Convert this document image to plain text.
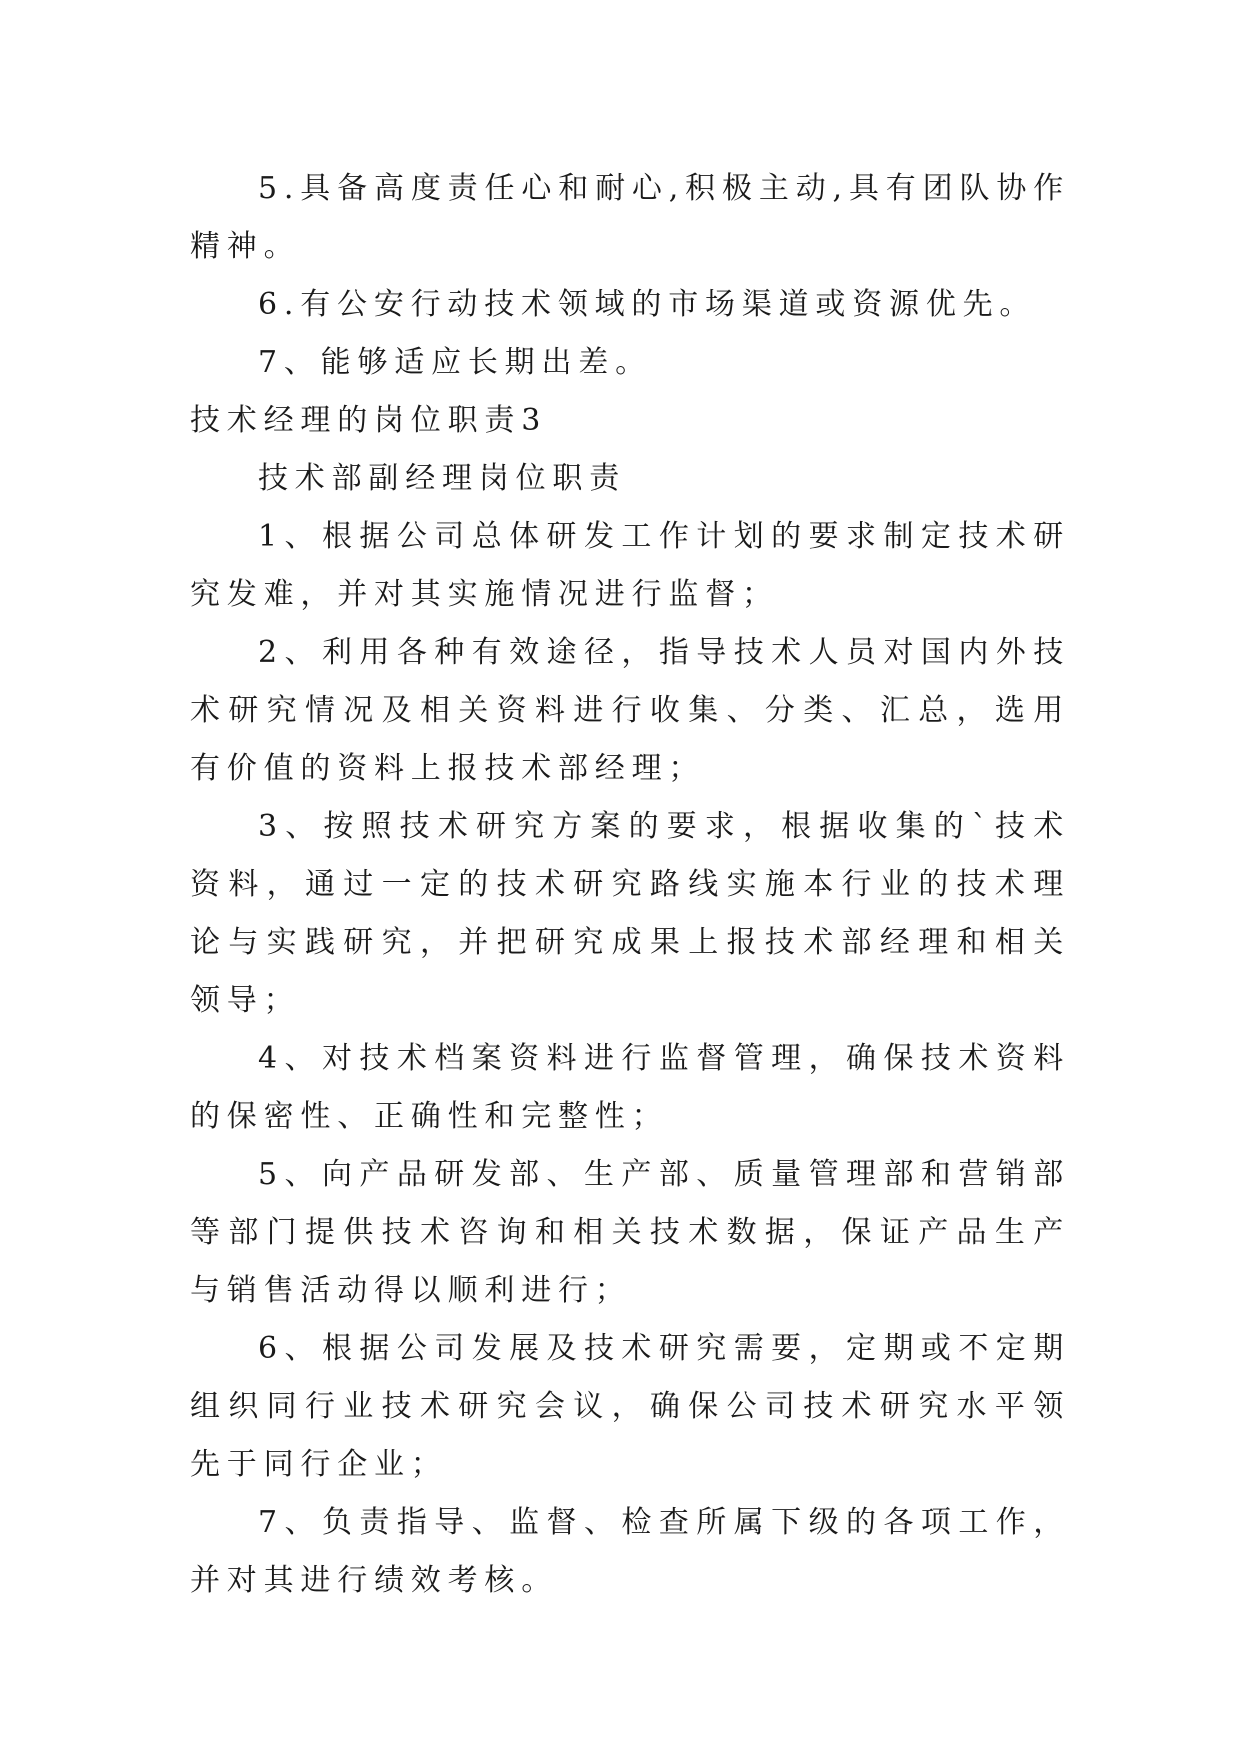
5.具备高度责任心和耐心,积极主动,具有团队协作精神。

6.有公安行动技术领域的市场渠道或资源优先。

7、能够适应长期出差。

技术经理的岗位职责3

技术部副经理岗位职责

1、根据公司总体研发工作计划的要求制定技术研究发难，并对其实施情况进行监督；

2、利用各种有效途径，指导技术人员对国内外技术研究情况及相关资料进行收集、分类、汇总，选用有价值的资料上报技术部经理；

3、按照技术研究方案的要求，根据收集的`技术资料，通过一定的技术研究路线实施本行业的技术理论与实践研究，并把研究成果上报技术部经理和相关领导；

4、对技术档案资料进行监督管理，确保技术资料的保密性、正确性和完整性；

5、向产品研发部、生产部、质量管理部和营销部等部门提供技术咨询和相关技术数据，保证产品生产与销售活动得以顺利进行；

6、根据公司发展及技术研究需要，定期或不定期组织同行业技术研究会议，确保公司技术研究水平领先于同行企业；

7、负责指导、监督、检查所属下级的各项工作，并对其进行绩效考核。
